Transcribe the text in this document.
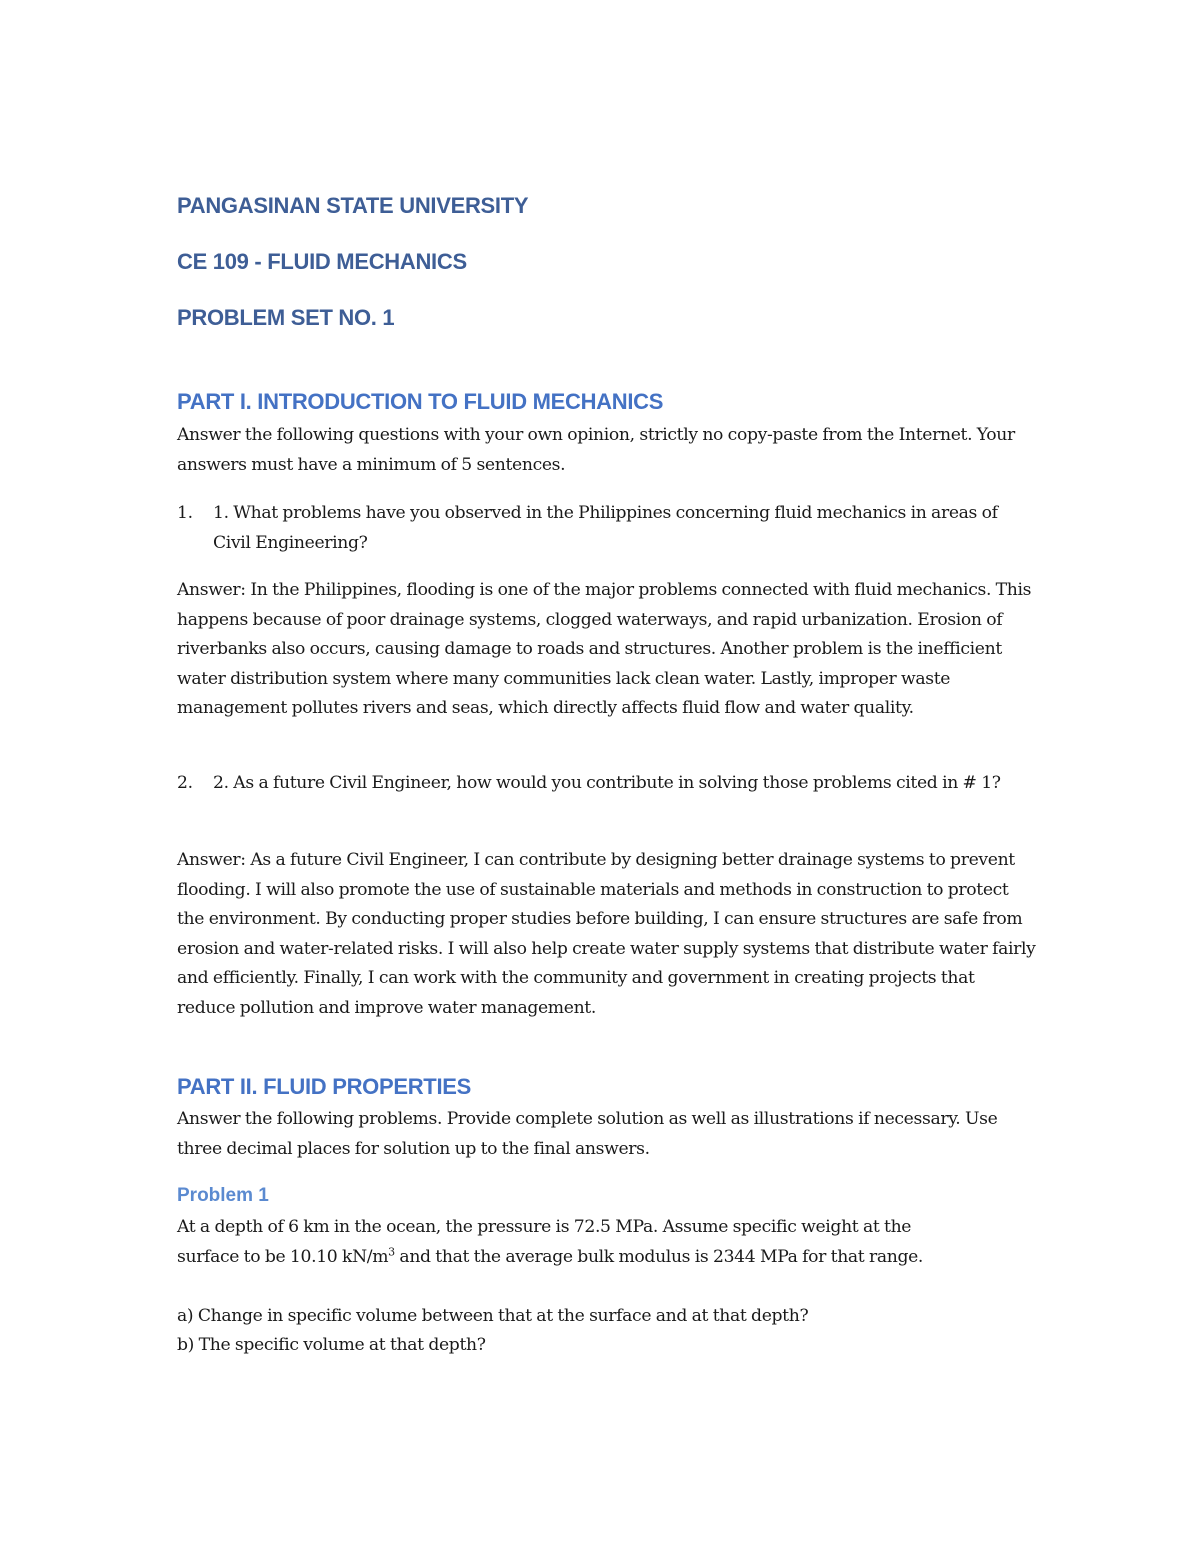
PANGASINAN STATE UNIVERSITY
CE 109 - FLUID MECHANICS
PROBLEM SET NO. 1
PART I. INTRODUCTION TO FLUID MECHANICS
Answer the following questions with your own opinion, strictly no copy-paste from the Internet. Your answers must have a minimum of 5 sentences.
1. 1. What problems have you observed in the Philippines concerning fluid mechanics in areas of Civil Engineering?
Answer: In the Philippines, flooding is one of the major problems connected with fluid mechanics. This happens because of poor drainage systems, clogged waterways, and rapid urbanization. Erosion of riverbanks also occurs, causing damage to roads and structures. Another problem is the inefficient water distribution system where many communities lack clean water. Lastly, improper waste management pollutes rivers and seas, which directly affects fluid flow and water quality.
2. 2. As a future Civil Engineer, how would you contribute in solving those problems cited in # 1?
Answer: As a future Civil Engineer, I can contribute by designing better drainage systems to prevent flooding. I will also promote the use of sustainable materials and methods in construction to protect the environment. By conducting proper studies before building, I can ensure structures are safe from erosion and water-related risks. I will also help create water supply systems that distribute water fairly and efficiently. Finally, I can work with the community and government in creating projects that reduce pollution and improve water management.
PART II. FLUID PROPERTIES
Answer the following problems. Provide complete solution as well as illustrations if necessary. Use three decimal places for solution up to the final answers.
Problem 1
At a depth of 6 km in the ocean, the pressure is 72.5 MPa. Assume specific weight at the
surface to be 10.10 $kN/m^3$ and that the average bulk modulus is 2344 MPa for that range.
a) Change in specific volume between that at the surface and at that depth?
b) The specific volume at that depth?
